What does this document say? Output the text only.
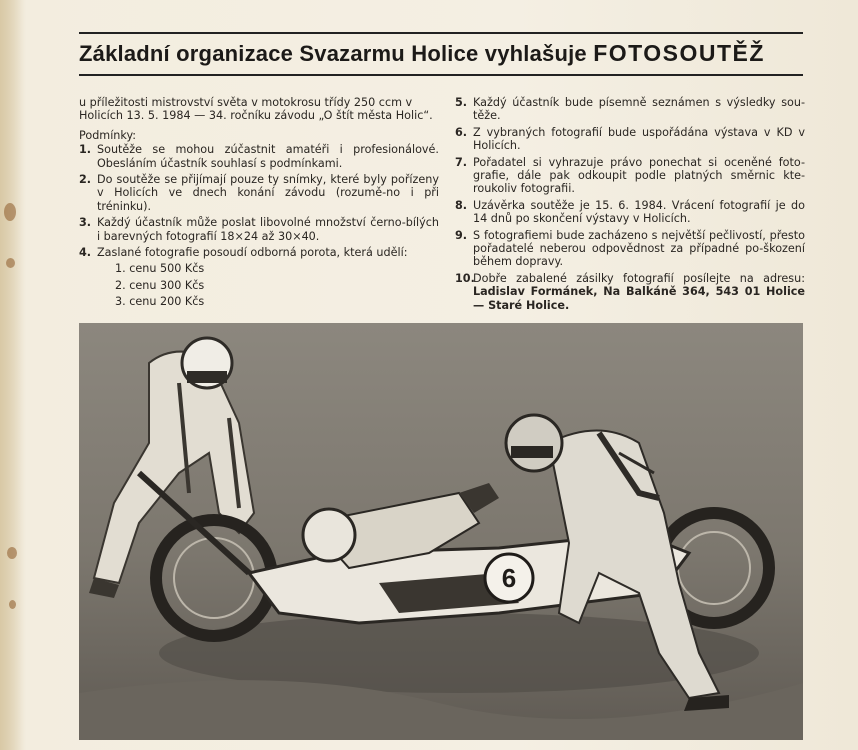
Základní organizace Svazarmu Holice vyhlašuje FOTOSOUTĚŽ

u příležitosti mistrovství světa v motokrosu třídy 250 ccm v Holicích 13. 5. 1984 — 34. ročníku závodu „O štít města Holic“.

Podmínky:

1. Soutěže se mohou zúčastnit amatéři i profesionálové. Obesláním účastník souhlasí s podmínkami.
2. Do soutěže se přijímají pouze ty snímky, které byly pořízeny v Holicích ve dnech konání závodu (rozumě-no i při tréninku).
3. Každý účastník může poslat libovolné množství černo-bílých i barevných fotografií 18×24 až 30×40.
4. Zaslané fotografie posoudí odborná porota, která udělí:
1. cenu 500 Kčs
2. cenu 300 Kčs
3. cenu 200 Kčs
5. Každý účastník bude písemně seznámen s výsledky sou-těže.
6. Z vybraných fotografií bude uspořádána výstava v KD v Holicích.
7. Pořadatel si vyhrazuje právo ponechat si oceněné foto-grafie, dále pak odkoupit podle platných směrnic kte-roukoliv fotografii.
8. Uzávěrka soutěže je 15. 6. 1984. Vrácení fotografií je do 14 dnů po skončení výstavy v Holicích.
9. S fotografiemi bude zacházeno s největší pečlivostí, přesto pořadatelé neberou odpovědnost za případné po-škození během dopravy.
10.
Dobře zabalené zásilky fotografií posílejte na adresu: Ladislav Formánek, Na Balkáně 364, 543 01 Holice — Staré Holice.
6
